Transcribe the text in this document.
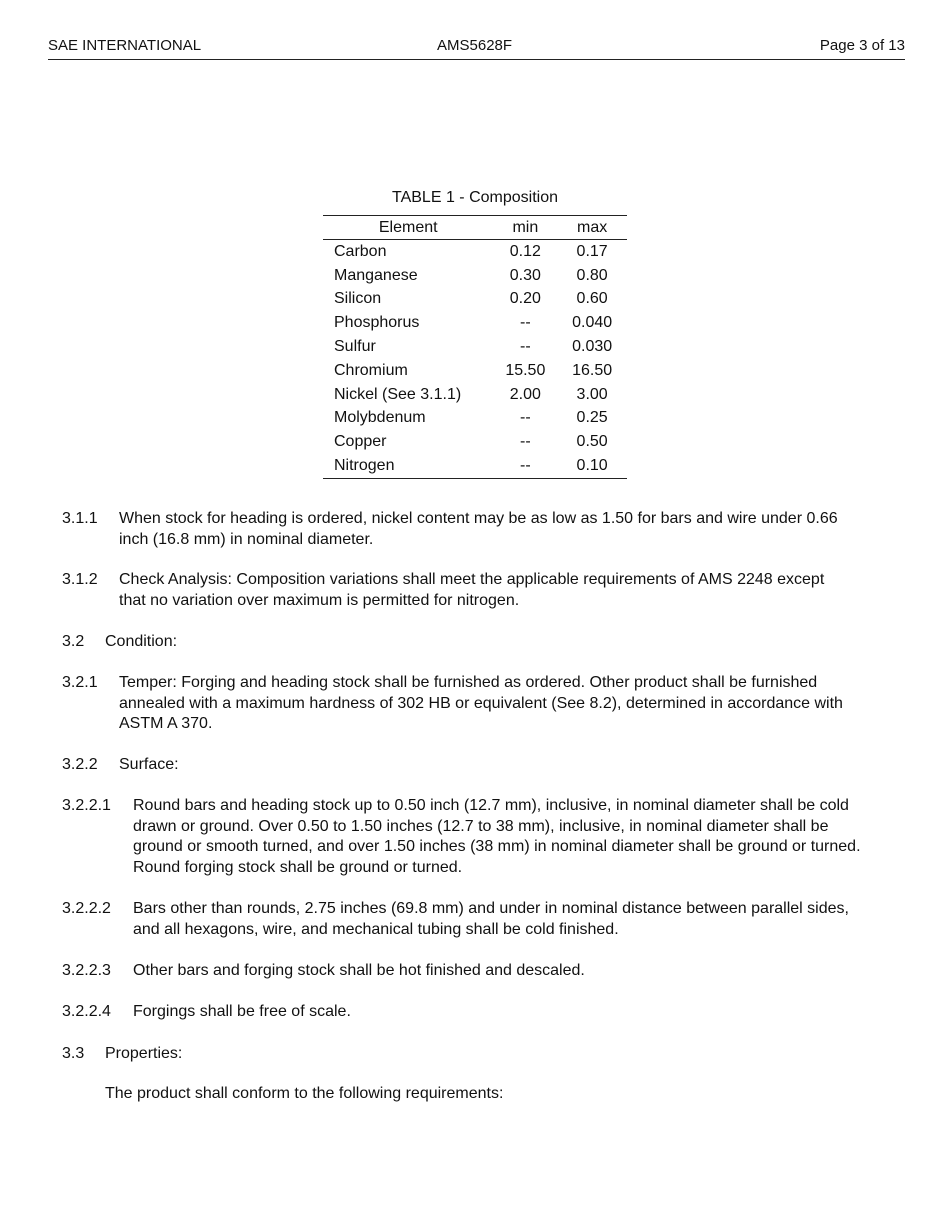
SAE INTERNATIONAL	AMS5628F	Page 3 of 13
TABLE 1 - Composition
Element	min	max
Carbon	0.12	0.17
Manganese	0.30	0.80
Silicon	0.20	0.60
Phosphorus	--	0.040
Sulfur	--	0.030
Chromium	15.50	16.50
Nickel (See 3.1.1)	2.00	3.00
Molybdenum	--	0.25
Copper	--	0.50
Nitrogen	--	0.10
3.1.1 When stock for heading is ordered, nickel content may be as low as 1.50 for bars and wire under 0.66 inch (16.8 mm) in nominal diameter.
3.1.2 Check Analysis: Composition variations shall meet the applicable requirements of AMS 2248 except that no variation over maximum is permitted for nitrogen.
3.2 Condition:
3.2.1 Temper: Forging and heading stock shall be furnished as ordered. Other product shall be furnished annealed with a maximum hardness of 302 HB or equivalent (See 8.2), determined in accordance with ASTM A 370.
3.2.2 Surface:
3.2.2.1 Round bars and heading stock up to 0.50 inch (12.7 mm), inclusive, in nominal diameter shall be cold drawn or ground. Over 0.50 to 1.50 inches (12.7 to 38 mm), inclusive, in nominal diameter shall be ground or smooth turned, and over 1.50 inches (38 mm) in nominal diameter shall be ground or turned. Round forging stock shall be ground or turned.
3.2.2.2 Bars other than rounds, 2.75 inches (69.8 mm) and under in nominal distance between parallel sides, and all hexagons, wire, and mechanical tubing shall be cold finished.
3.2.2.3 Other bars and forging stock shall be hot finished and descaled.
3.2.2.4 Forgings shall be free of scale.
3.3 Properties:
The product shall conform to the following requirements:
